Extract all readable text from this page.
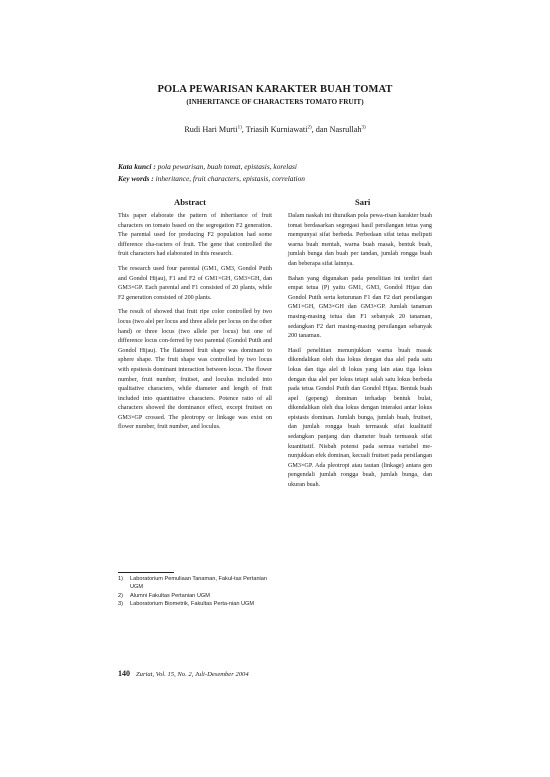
POLA PEWARISAN KARAKTER BUAH TOMAT
(INHERITANCE OF CHARACTERS TOMATO FRUIT)
Rudi Hari Murti$^{1)}$, Triasih Kurniawati$^{2)}$, dan Nasrullah$^{3)}$
Kata kunci : pola pewarisan, buah tomat, epistasis, korelasi
Key words : inheritance, fruit characters, epistasis, correlation
Abstract	Sari

This paper elaborate the pattern of inheritance of fruit characters on tomato based on the segregation F2 generation. The parental used for producing F2 population had some difference cha-racters of fruit. The gene that controlled the fruit characters had elaborated in this research.

The research used four parental (GM1, GM3, Gondol Putih and Gondol Hijau), F1 and F2 of GM1×GH, GM3×GH, dan GM3×GP. Each parental and F1 consisted of 20 plants, while F2 generation consisted of 200 plants.

The result of showed that fruit ripe color controlled by two locus (two alel per locus and three allele per locus on the other hand) or three locus (two allele per locus) but one of difference locus con-ferred by two parental (Gondol Putih and Gondol Hijau). The flattened fruit shape was dominant to sphere shape. The fruit shape was controlled by two locus with epsitesis dominant interaction between locus. The flower number, fruit number, fruitset, and loculus included into qualitative characters, while diameter and length of fruit included into quantitative characters. Potence ratio of all characters showed the dominance effect, except fruitset on GM3×GP crossed. The pleotropy or linkage was exist on flower number, fruit number, and loculus.

Dalam naskah ini diuraikan pola pewa-risan karakter buah tomat berdasarkan segregasi hasil persilangan tetua yang mempunyai sifat berbeda. Perbedaan sifat tetua meliputi warna buah mentah, warna buah masak, bentuk buah, jumlah bunga dan buah per tandan, jumlah rongga buah dan beberapa sifat lainnya.

Bahan yang digunakan pada penelitian ini terdiri dari empat tetua (P) yaitu GM1, GM3, Gondol Hijau dan Gondol Putih serta keturunan F1 dan F2 dari persilangan GM1×GH, GM3×GH dan GM3×GP. Jumlah tanaman masing-masing tetua dan F1 sebanyak 20 tanaman, sedangkan F2 dari masing-masing persilangan sebanyak 200 tanaman.

Hasil penelitian menunjukkan warna buah masak dikendalikan oleh dua lokus dengan dua alel pada satu lokus dan tiga alel di lokus yang lain atau tiga lokus dengan dua alel per lokus tetapi salah satu lokus berbeda pada tetua Gondol Putih dan Gondol Hijau. Bentuk buah apel (gepeng) dominan terhadap bentuk bulat, dikendalikan oleh dua lokus dengan interaksi antar lokus epistasis dominan. Jumlah bunga, jumlah buah, fruitset, dan jumlah rongga buah termasuk sifat kualitatif sedangkan panjang dan diameter buah termasuk sifat kuantitatif. Nisbah potensi pada semua variabel me-nunjukkan efek dominan, kecuali fruitset pada persilangan GM3×GP. Ada pleotropi atau tautan (linkage) antara gen pengendali jumlah rongga buah, jumlah bunga, dan ukuran buah.

1)	Laboratorium Pemuliaan Tanaman, Fakul-tas Pertanian UGM
2)	Alumni Fakultas Pertanian UGM
3)	Laboratorium Biometrik, Fakultas Perta-nian UGM
140 Zuriat, Vol. 15, No. 2, Juli-Desember 2004
